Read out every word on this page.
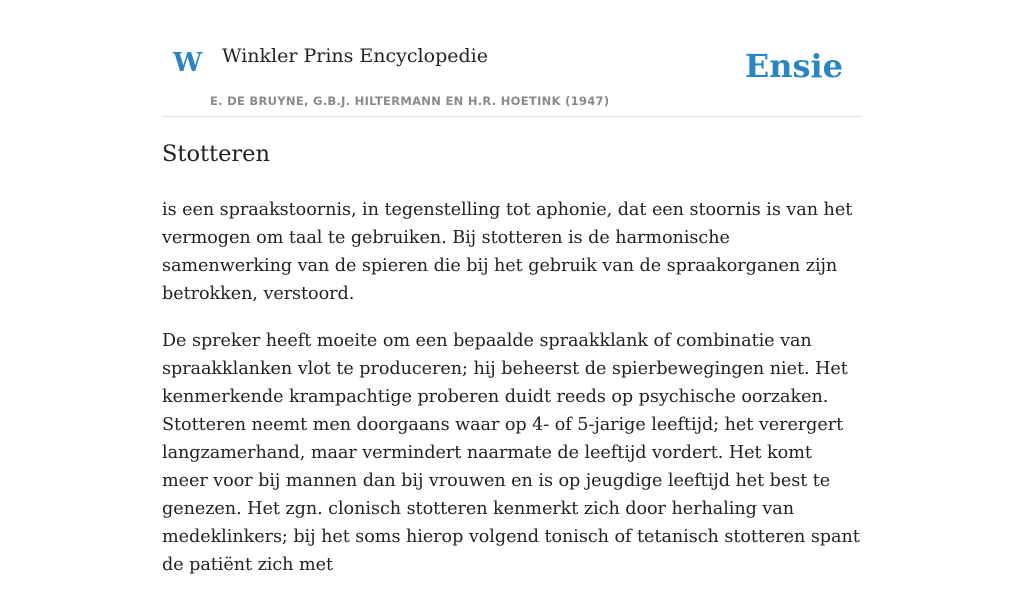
W Winkler Prins Encyclopedie
E. DE BRUYNE, G.B.J. HILTERMANN EN H.R. HOETINK (1947)
Ensie
Stotteren

is een spraakstoornis, in tegenstelling tot aphonie, dat een stoornis is van het vermogen om taal te gebruiken. Bij stotteren is de harmonische samenwerking van de spieren die bij het gebruik van de spraakorganen zijn betrokken, verstoord.

De spreker heeft moeite om een bepaalde spraakklank of combinatie van spraakklanken vlot te produceren; hij beheerst de spierbewegingen niet. Het kenmerkende krampachtige proberen duidt reeds op psychische oorzaken. Stotteren neemt men doorgaans waar op 4- of 5-jarige leeftijd; het verergert langzamerhand, maar vermindert naarmate de leeftijd vordert. Het komt meer voor bij mannen dan bij vrouwen en is op jeugdige leeftijd het best te genezen. Het zgn. clonisch stotteren kenmerkt zich door herhaling van medeklinkers; bij het soms hierop volgend tonisch of tetanisch stotteren spant de patiënt zich met
